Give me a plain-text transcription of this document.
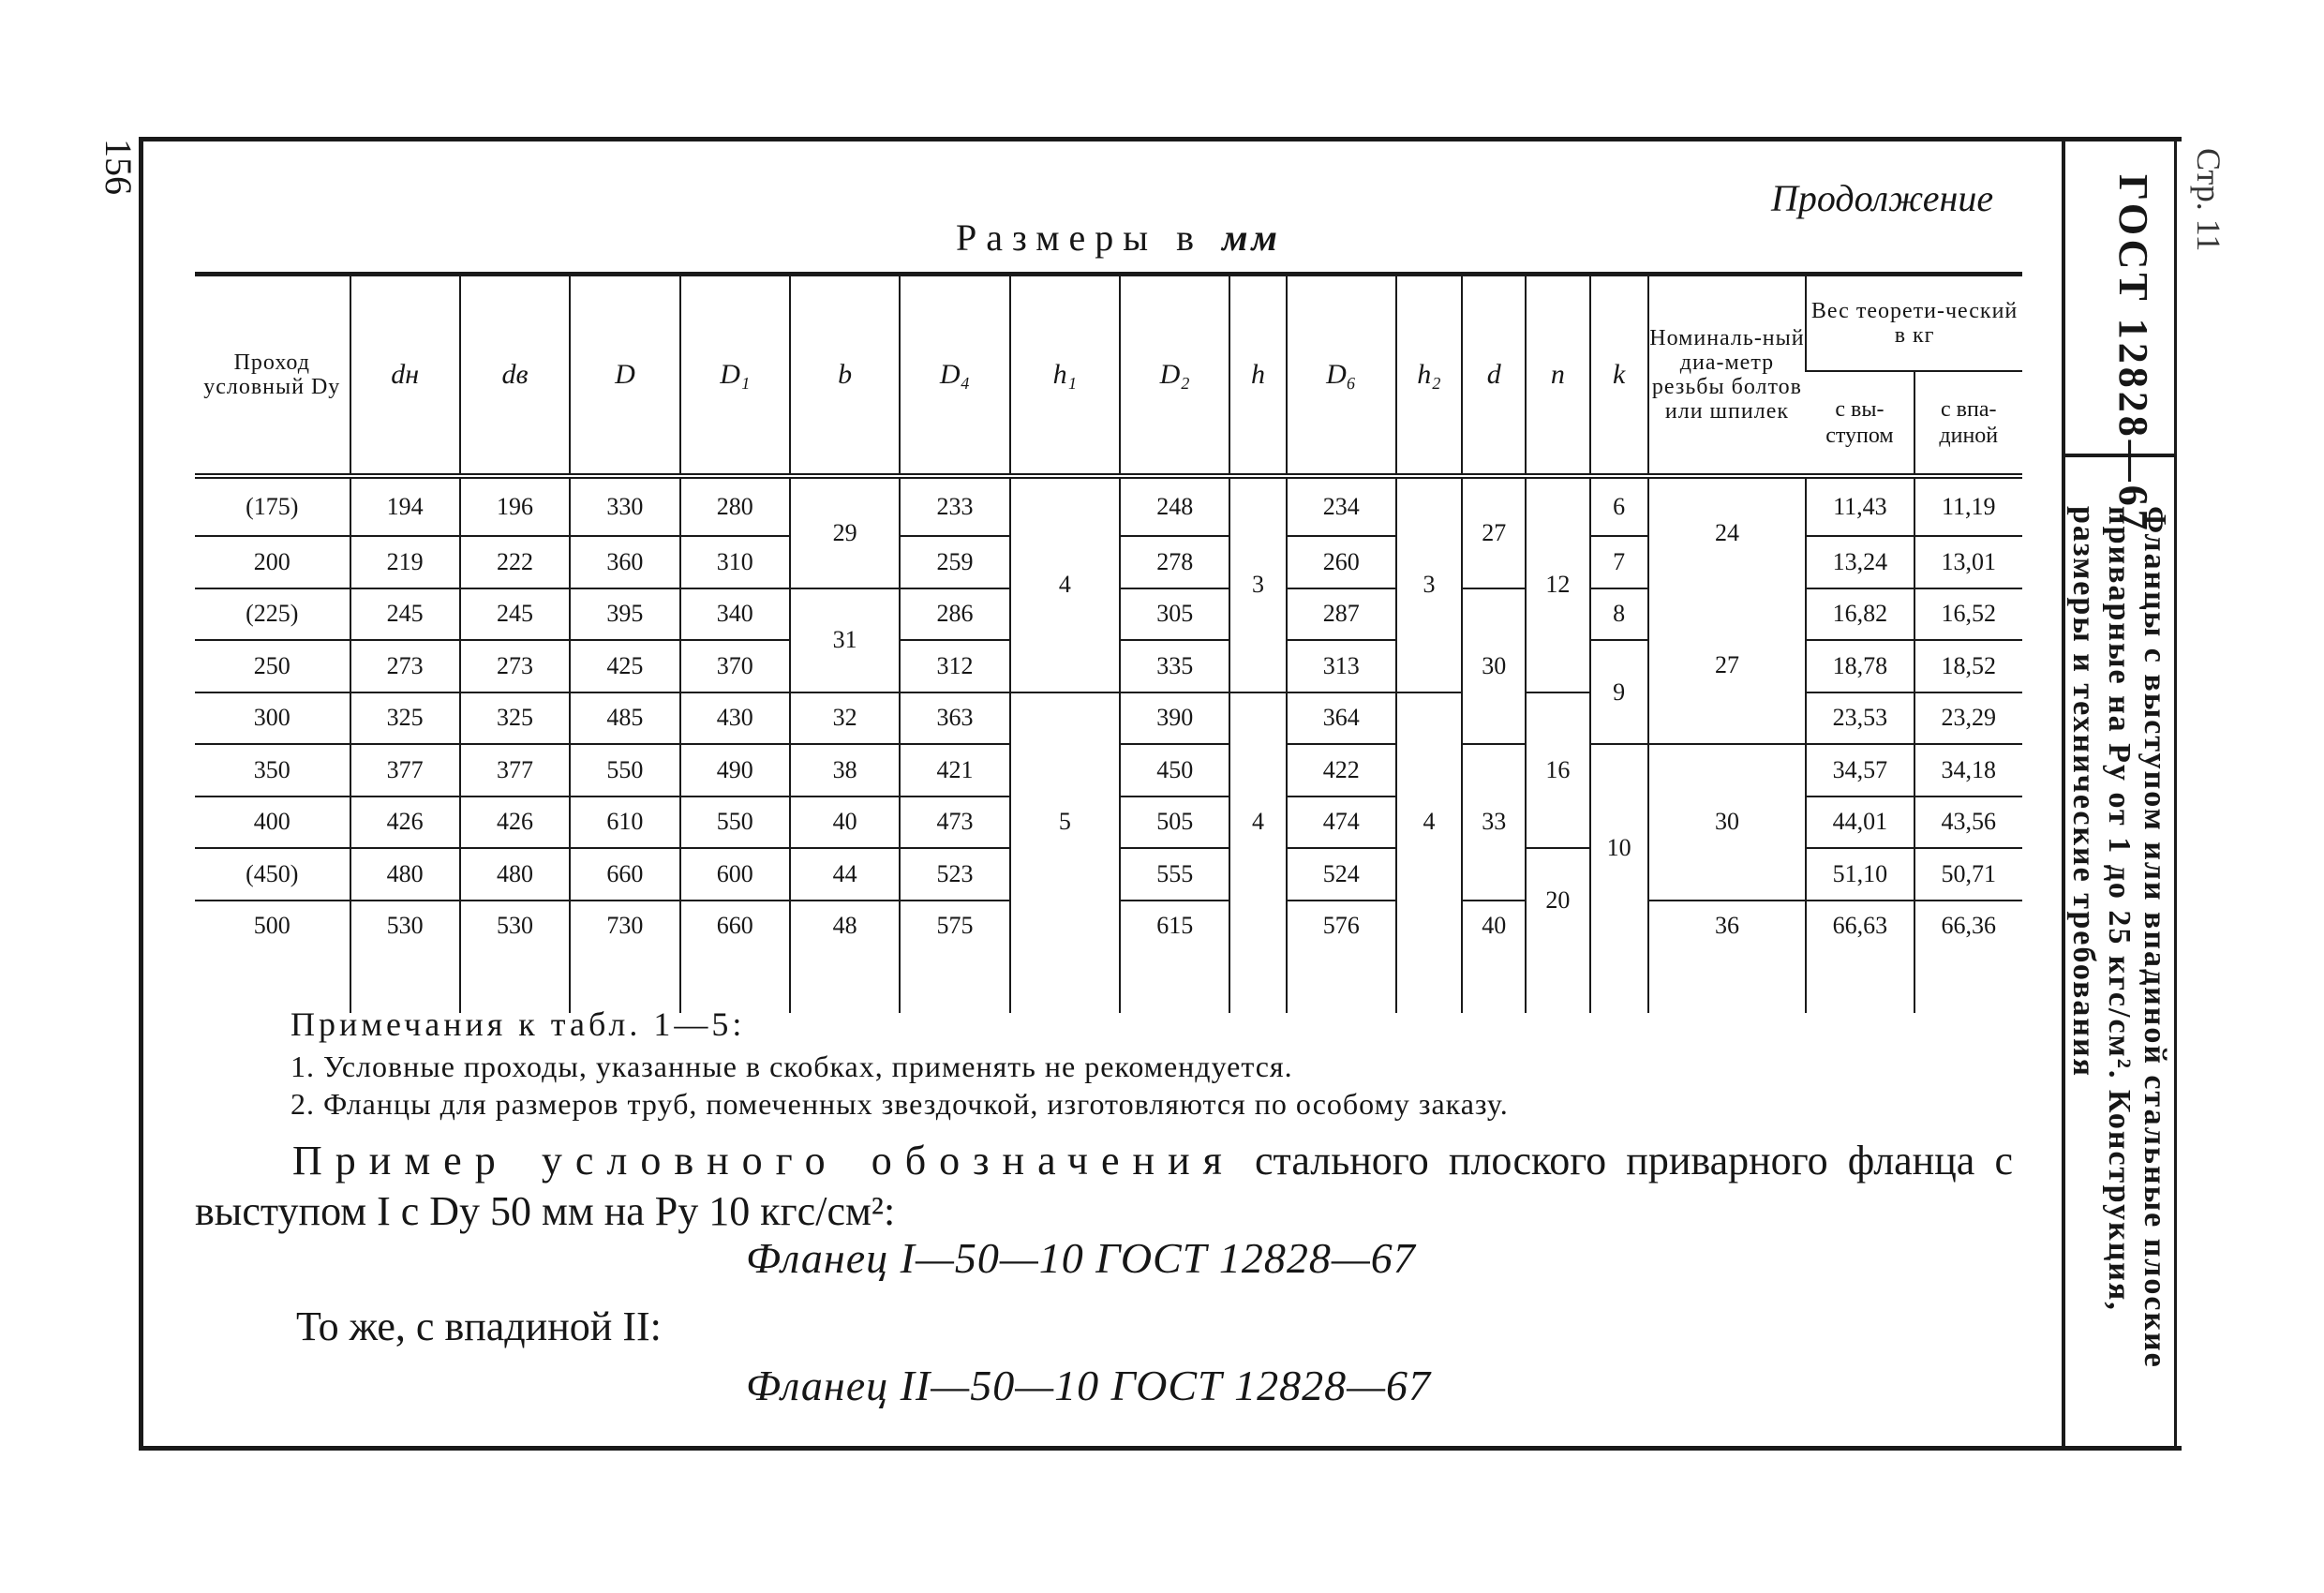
156
Продолжение
Размеры в мм
Проход условный Dу	dн	dв	D	D₁	b	D₄	h₁	D₂	h	D₆	h₂	d	n	k	Номиналь-ный диа-метр резьбы болтов или шпилек	Вес теорети-ческий в кг	
																с вы-ступом	с впа-диной
(175)	194	196	330	280	29	233	4	248	3	234	3	27	12	6	24	11,43	11,19
200	219	222	360	310		259		278		260				7		13,24	13,01
(225)	245	245	395	340	31	286		305		287		30		8	27	16,82	16,52
250	273	273	425	370		312		335		313				9		18,78	18,52
300	325	325	485	430	32	363	5	390	4	364	4		16			23,53	23,29
350	377	377	550	490	38	421		450		422		33		10	30	34,57	34,18
400	426	426	610	550	40	473		505		474						44,01	43,56
(450)	480	480	660	600	44	523		555		524			20			51,10	50,71
500	530	530	730	660	48	575		615		576		40			36	66,63	66,36

Примечания к табл. 1—5:
1. Условные проходы, указанные в скобках, применять не рекомендуется.
2. Фланцы для размеров труб, помеченных звездочкой, изготовляются по особому заказу.
Пример условного обозначения стального плоского приварного фланца с выступом I с Dу 50 мм на Pу 10 кгс/см²:
Фланец I—50—10 ГОСТ 12828—67
То же, с впадиной II:
Фланец II—50—10 ГОСТ 12828—67
ГОСТ 12828—67
Фланцы с выступом или впадиной стальные плоские
приварные на Py от 1 до 25 кгс/см². Конструкция,
размеры и технические требования
Стр. 11
